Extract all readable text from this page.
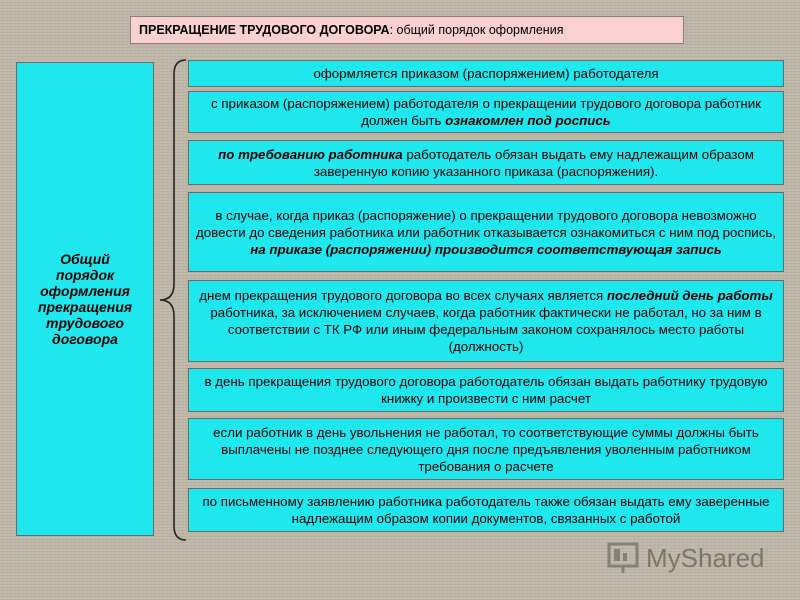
ПРЕКРАЩЕНИЕ ТРУДОВОГО ДОГОВОРА: общий порядок оформления
Общий порядок оформления прекращения трудового договора
оформляется приказом (распоряжением) работодателя
с приказом (распоряжением) работодателя о прекращении трудового договора работник должен быть ознакомлен под роспись
по требованию работника работодатель обязан выдать ему надлежащим образом заверенную копию указанного приказа (распоряжения).
в случае, когда приказ (распоряжение) о прекращении трудового договора невозможно довести до сведения работника или работник отказывается ознакомиться с ним под роспись, на приказе (распоряжении) производится соответствующая запись
днем прекращения трудового договора во всех случаях является последний день работы работника, за исключением случаев, когда работник фактически не работал, но за ним в соответствии с ТК РФ или иным федеральным законом сохранялось место работы (должность)
в день прекращения трудового договора работодатель обязан выдать работнику трудовую книжку и произвести с ним расчет
если работник в день увольнения не работал, то соответствующие суммы должны быть выплачены не позднее следующего дня после предъявления уволенным работником требования о расчете
по письменному заявлению работника работодатель также обязан выдать ему заверенные надлежащим образом копии документов, связанных с работой
MyShared
